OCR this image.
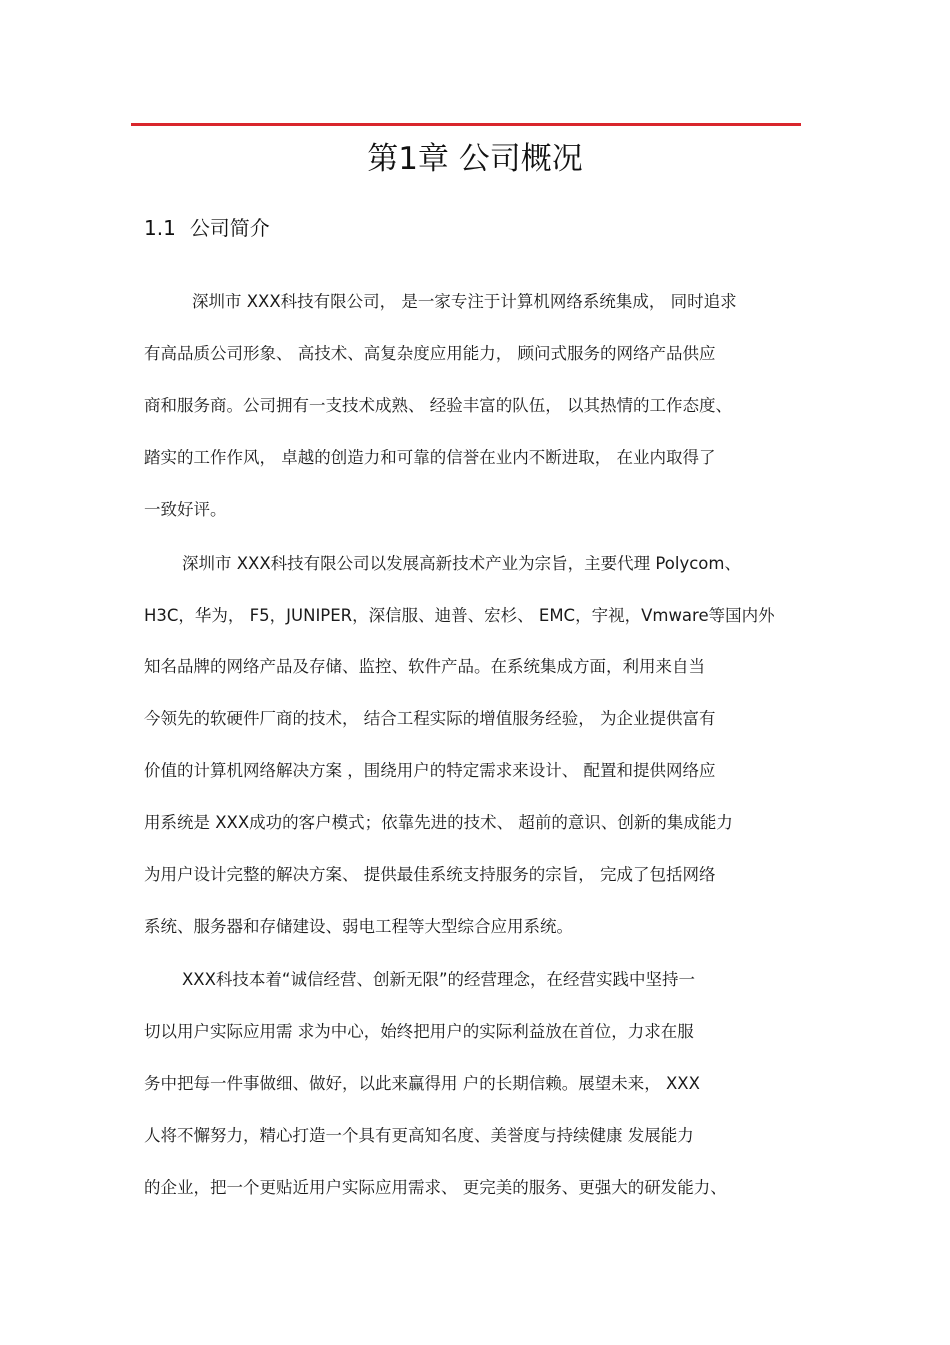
第1章 公司概况
1.1 公司简介
深圳市 XXX科技有限公司， 是一家专注于计算机网络系统集成， 同时追求
有高品质公司形象、 高技术、高复杂度应用能力， 顾问式服务的网络产品供应
商和服务商。公司拥有一支技术成熟、 经验丰富的队伍， 以其热情的工作态度、
踏实的工作作风， 卓越的创造力和可靠的信誉在业内不断进取， 在业内取得了
一致好评。
深圳市 XXX科技有限公司以发展高新技术产业为宗旨，主要代理 Polycom、
H3C，华为， F5，JUNIPER，深信服、迪普、宏杉、 EMC，宇视，Vmware等国内外
知名品牌的网络产品及存储、监控、软件产品。在系统集成方面，利用来自当
今领先的软硬件厂商的技术， 结合工程实际的增值服务经验， 为企业提供富有
价值的计算机网络解决方案 ，围绕用户的特定需求来设计、 配置和提供网络应
用系统是 XXX成功的客户模式；依靠先进的技术、 超前的意识、创新的集成能力
为用户设计完整的解决方案、 提供最佳系统支持服务的宗旨， 完成了包括网络
系统、服务器和存储建设、弱电工程等大型综合应用系统。
XXX科技本着“诚信经营、创新无限”的经营理念，在经营实践中坚持一
切以用户实际应用需 求为中心，始终把用户的实际利益放在首位，力求在服
务中把每一件事做细、做好，以此来赢得用 户的长期信赖。展望未来， XXX
人将不懈努力，精心打造一个具有更高知名度、美誉度与持续健康 发展能力
的企业，把一个更贴近用户实际应用需求、 更完美的服务、更强大的研发能力、
